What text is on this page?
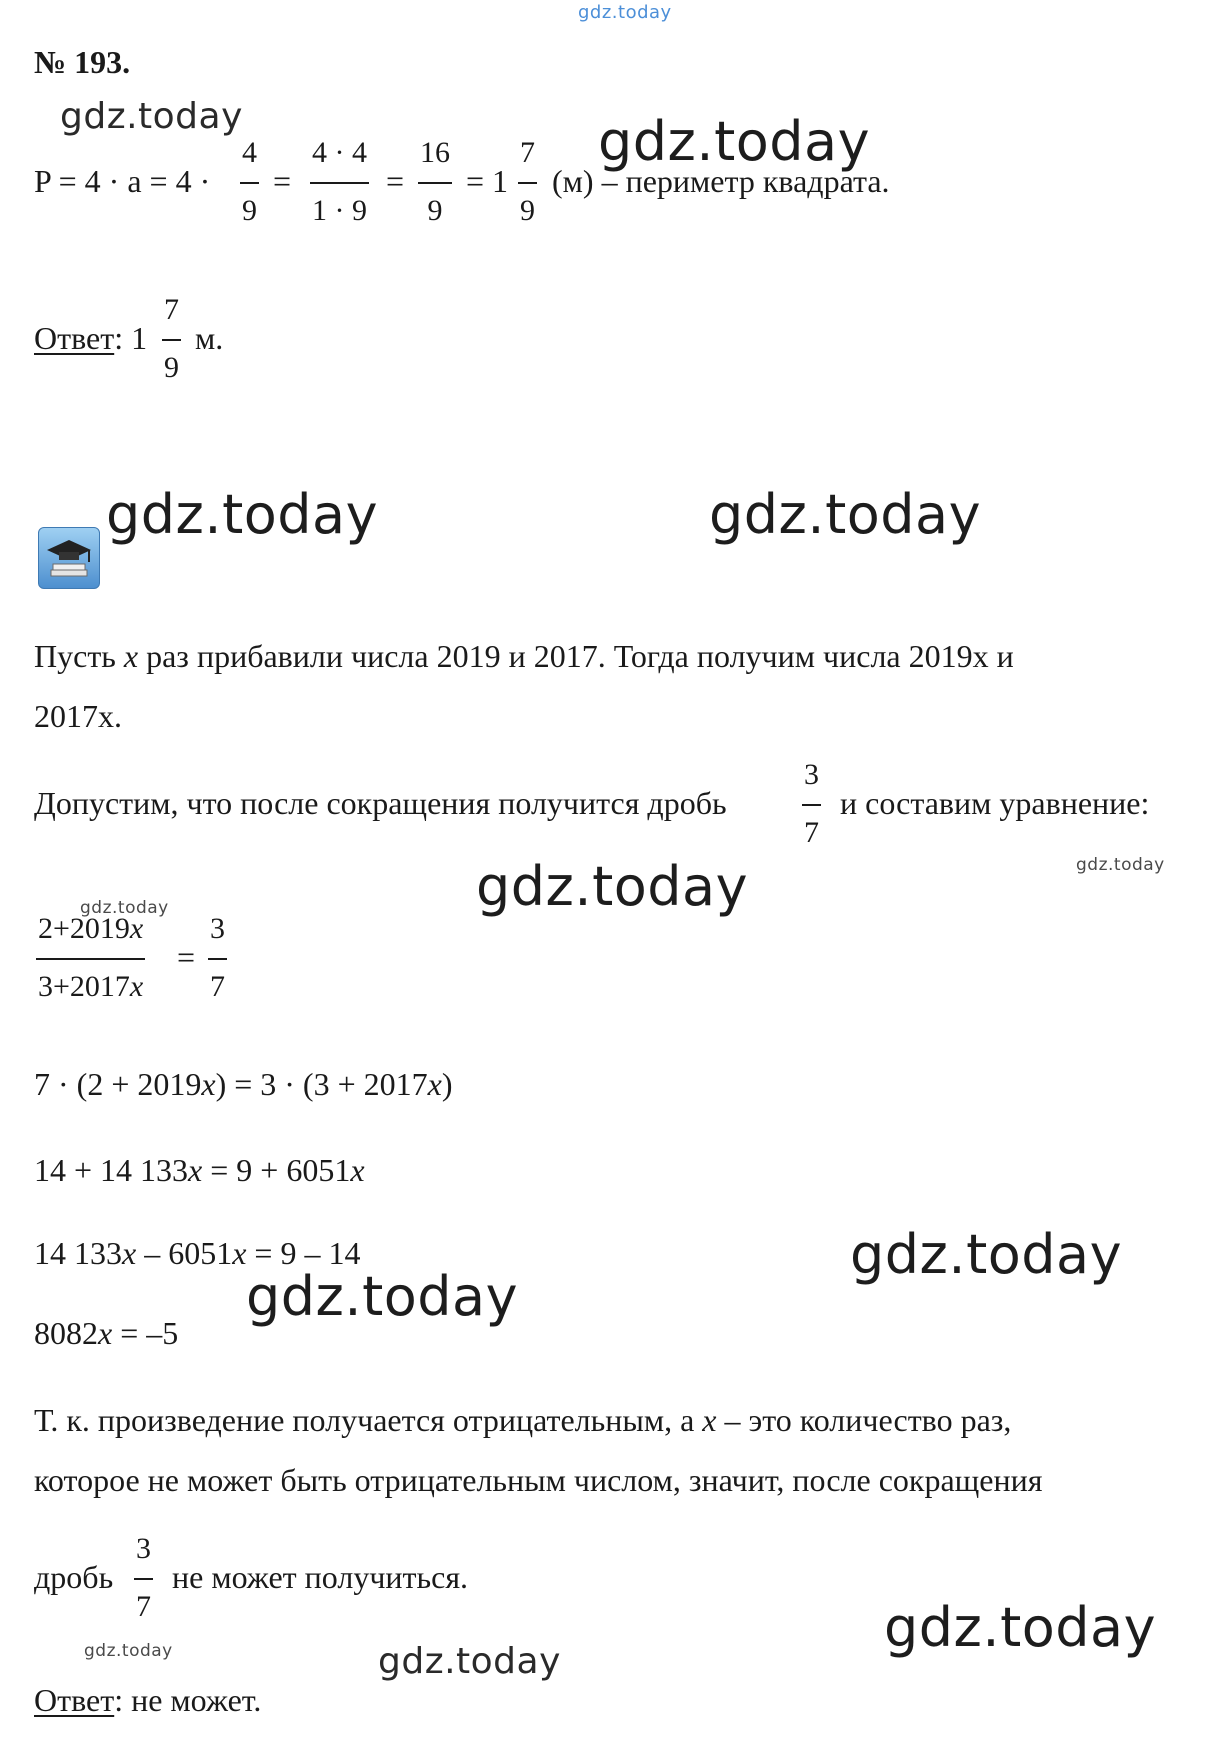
gdz.today
gdz.today	gdz.today
gdz.today	gdz.today
gdz.today	gdz.today
gdz.today
gdz.today
gdz.today
gdz.today
gdz.today	gdz.today
№ 193.
P = 4 · a = 4 ·
4
9
=
4 · 4
1 · 9
=
16
9
= 1
7
9
(м) – периметр квадрата.
Ответ: 1
7
9
м.
Пусть x раз прибавили числа 2019 и 2017. Тогда получим числа 2019x и
2017x.
Допустим, что после сокращения получится дробь
3
7
и составим уравнение:
2+2019x
3+2017x
=
3
7
7 · (2 + 2019x) = 3 · (3 + 2017x)
14 + 14 133x = 9 + 6051x
14 133x – 6051x = 9 – 14
8082x = –5
Т. к. произведение получается отрицательным, а x – это количество раз,
которое не может быть отрицательным числом, значит, после сокращения
дробь
3
7
не может получиться.
Ответ: не может.
